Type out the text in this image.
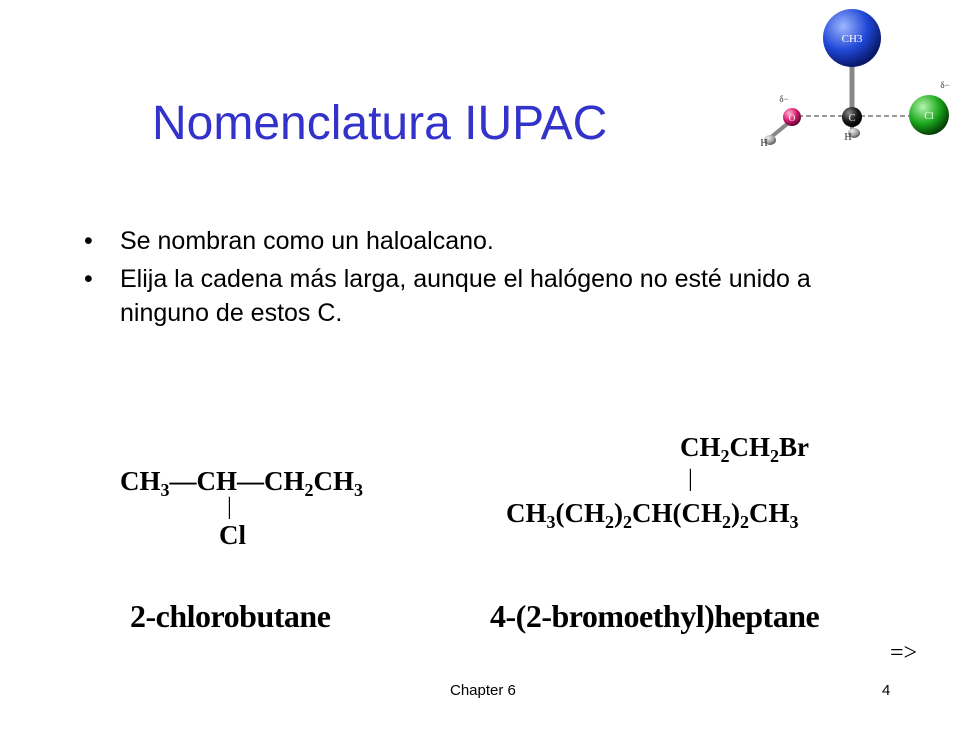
Nomenclatura IUPAC
CH3
Cl
O	C
H
H
δ−
δ−
• Se nombran como un haloalcano.
• Elija la cadena más larga, aunque el halógeno no esté unido a ninguno de estos C.
$CH_3—CH—CH_2CH_3$
|
Cl
2-chlorobutane
$CH_2CH_2Br$
|
$CH_3(CH_2)_2CH(CH_2)_2CH_3$
4-(2-bromoethyl)heptane
=>
Chapter 6	4
